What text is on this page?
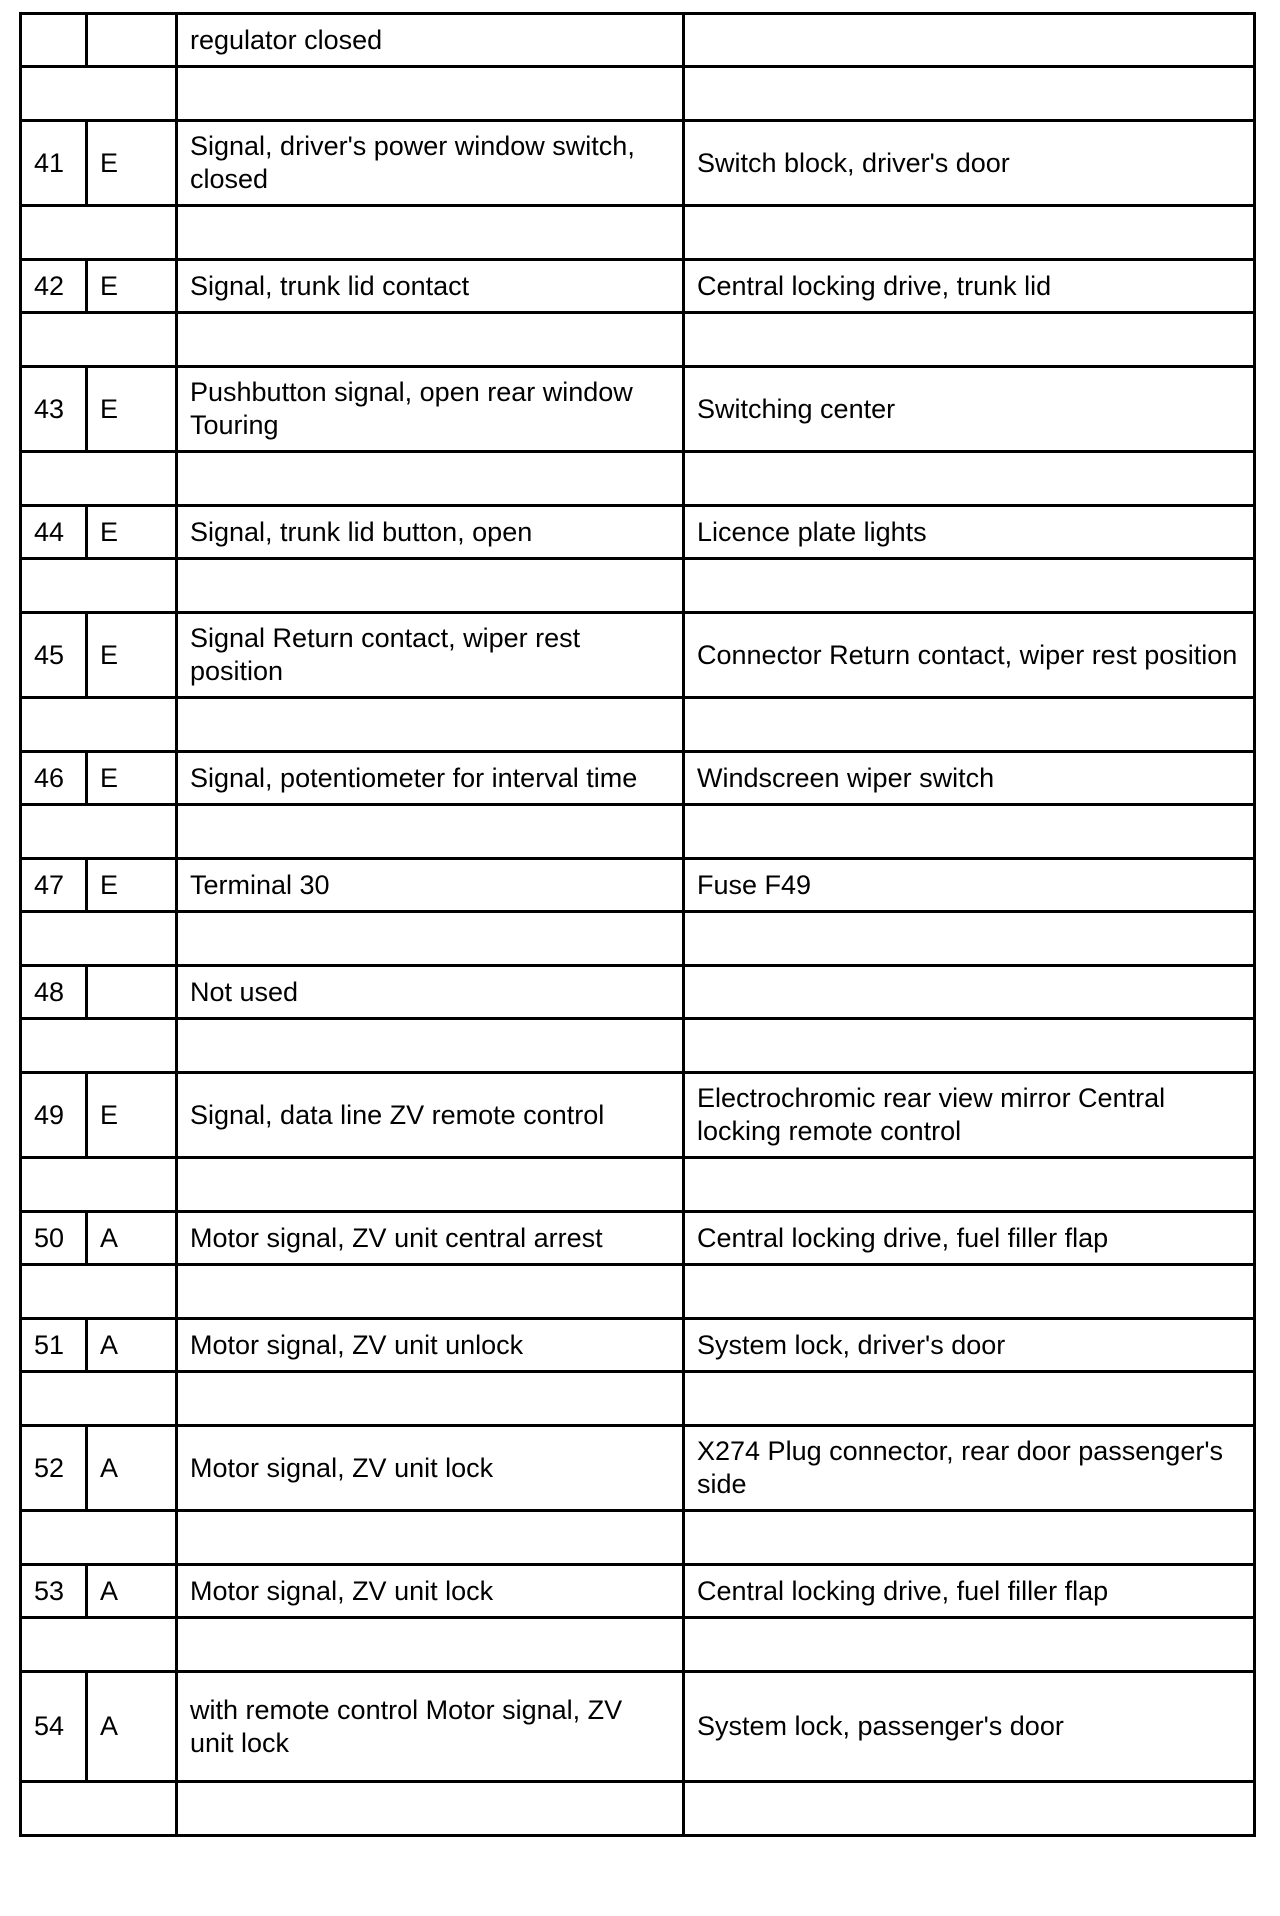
		regulator closed	

41	E	Signal, driver's power window switch, closed	Switch block, driver's door

42	E	Signal, trunk lid contact	Central locking drive, trunk lid

43	E	Pushbutton signal, open rear window Touring	Switching center

44	E	Signal, trunk lid button, open	Licence plate lights

45	E	Signal Return contact, wiper rest position	Connector Return contact, wiper rest position

46	E	Signal, potentiometer for interval time	Windscreen wiper switch

47	E	Terminal 30	Fuse F49

48		Not used	

49	E	Signal, data line ZV remote control	Electrochromic rear view mirror Central locking remote control

50	A	Motor signal, ZV unit central arrest	Central locking drive, fuel filler flap

51	A	Motor signal, ZV unit unlock	System lock, driver's door

52	A	Motor signal, ZV unit lock	X274 Plug connector, rear door passenger's side

53	A	Motor signal, ZV unit lock	Central locking drive, fuel filler flap

54	A	with remote control Motor signal, ZV unit lock	System lock, passenger's door
